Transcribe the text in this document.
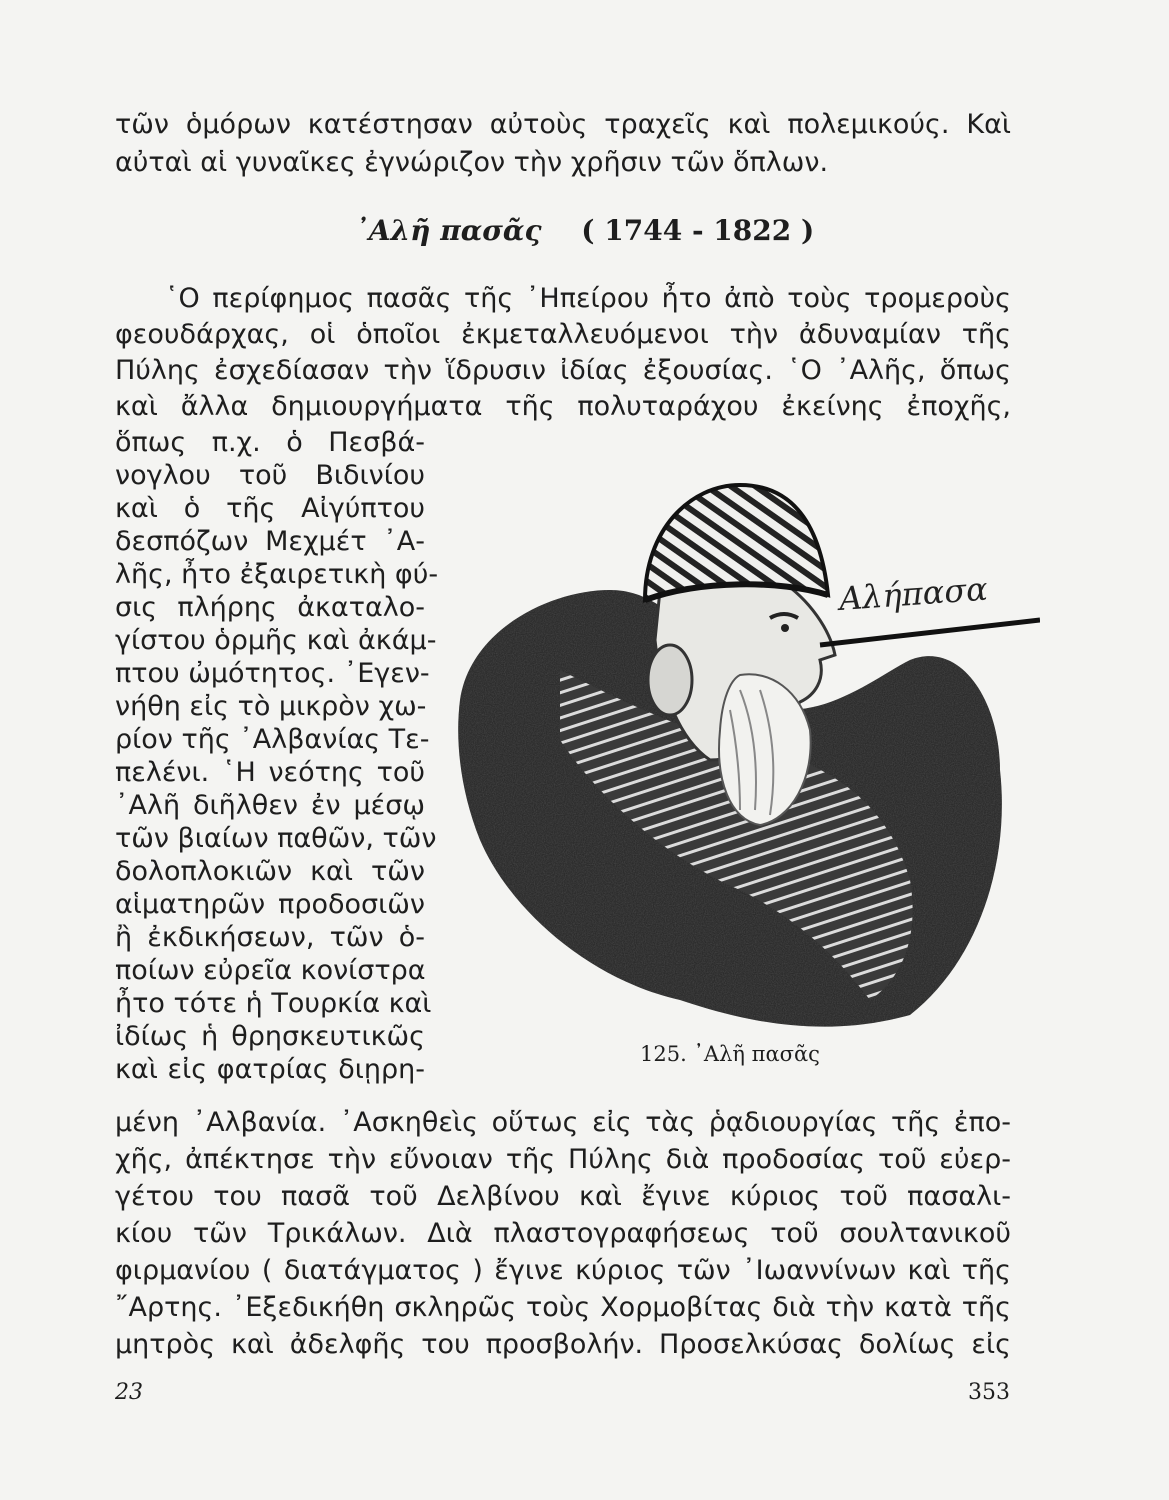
τῶν ὁμόρων κατέστησαν αὐτοὺς τραχεῖς καὶ πολεμικούς. Καὶ
αὐταὶ αἱ γυναῖκες ἐγνώριζον τὴν χρῆσιν τῶν ὅπλων.
᾿Αλῆ πασᾶς ( 1744 - 1822 )
῾Ο περίφημος πασᾶς τῆς ᾿Ηπείρου ἦτο ἀπὸ τοὺς τρομερoὺς
φεουδάρχας, οἱ ὁποῖοι ἐκμεταλλευόμενοι τὴν ἀδυναμίαν τῆς
Πύλης ἐσχεδίασαν τὴν ἵδρυσιν ἰδίας ἐξουσίας. ῾Ο ᾿Αλῆς, ὅπως
καὶ ἄλλα δημιουργήματα τῆς πολυταράχου ἐκείνης ἐποχῆς,
ὅπως π.χ. ὁ Πεσβά-
νογλου τοῦ Βιδινίου
καὶ ὁ τῆς Αἰγύπτου
δεσπόζων Μεχμέτ ᾿Α-
λῆς, ἦτο ἐξαιρετικὴ φύ-
σις πλήρης ἀκαταλο-
γίστου ὁρμῆς καὶ ἀκάμ-
πτου ὠμότητος. ᾿Εγεν-
νήθη εἰς τὸ μικρὸν χω-
ρίον τῆς ᾿Αλβανίας Τε-
πελένι. ῾Η νεότης τοῦ
᾿Αλῆ διῆλθεν ἐν μέσῳ
τῶν βιαίων παθῶν, τῶν
δολοπλοκιῶν καὶ τῶν
αἱματηρῶν προδοσιῶν
ἢ ἐκδικήσεων, τῶν ὁ-
ποίων εὐρεῖα κονίστρα
ἦτο τότε ἡ Τουρκία καὶ
ἰδίως ἡ θρησκευτικῶς
καὶ εἰς φατρίας διῃρη-
Αλήπασα
125. ᾿Αλῆ πασᾶς
μένη ᾿Αλβανία. ᾿Ασκηθεὶς οὕτως εἰς τὰς ῥᾳδιουργίας τῆς ἐπο-
χῆς, ἀπέκτησε τὴν εὔνοιαν τῆς Πύλης διὰ προδοσίας τοῦ εὐερ-
γέτου του πασᾶ τοῦ Δελβίνου καὶ ἔγινε κύριος τοῦ πασαλι-
κίου τῶν Τρικάλων. Διὰ πλαστογραφήσεως τοῦ σουλτανικοῦ
φιρμανίου ( διατάγματος ) ἔγινε κύριος τῶν ᾿Ιωαννίνων καὶ τῆς
῎Αρτης. ᾿Εξεδικήθη σκληρῶς τοὺς Χορμοβίτας διὰ τὴν κατὰ τῆς
μητρὸς καὶ ἀδελφῆς του προσβολήν. Προσελκύσας δολίως εἰς
23	353
